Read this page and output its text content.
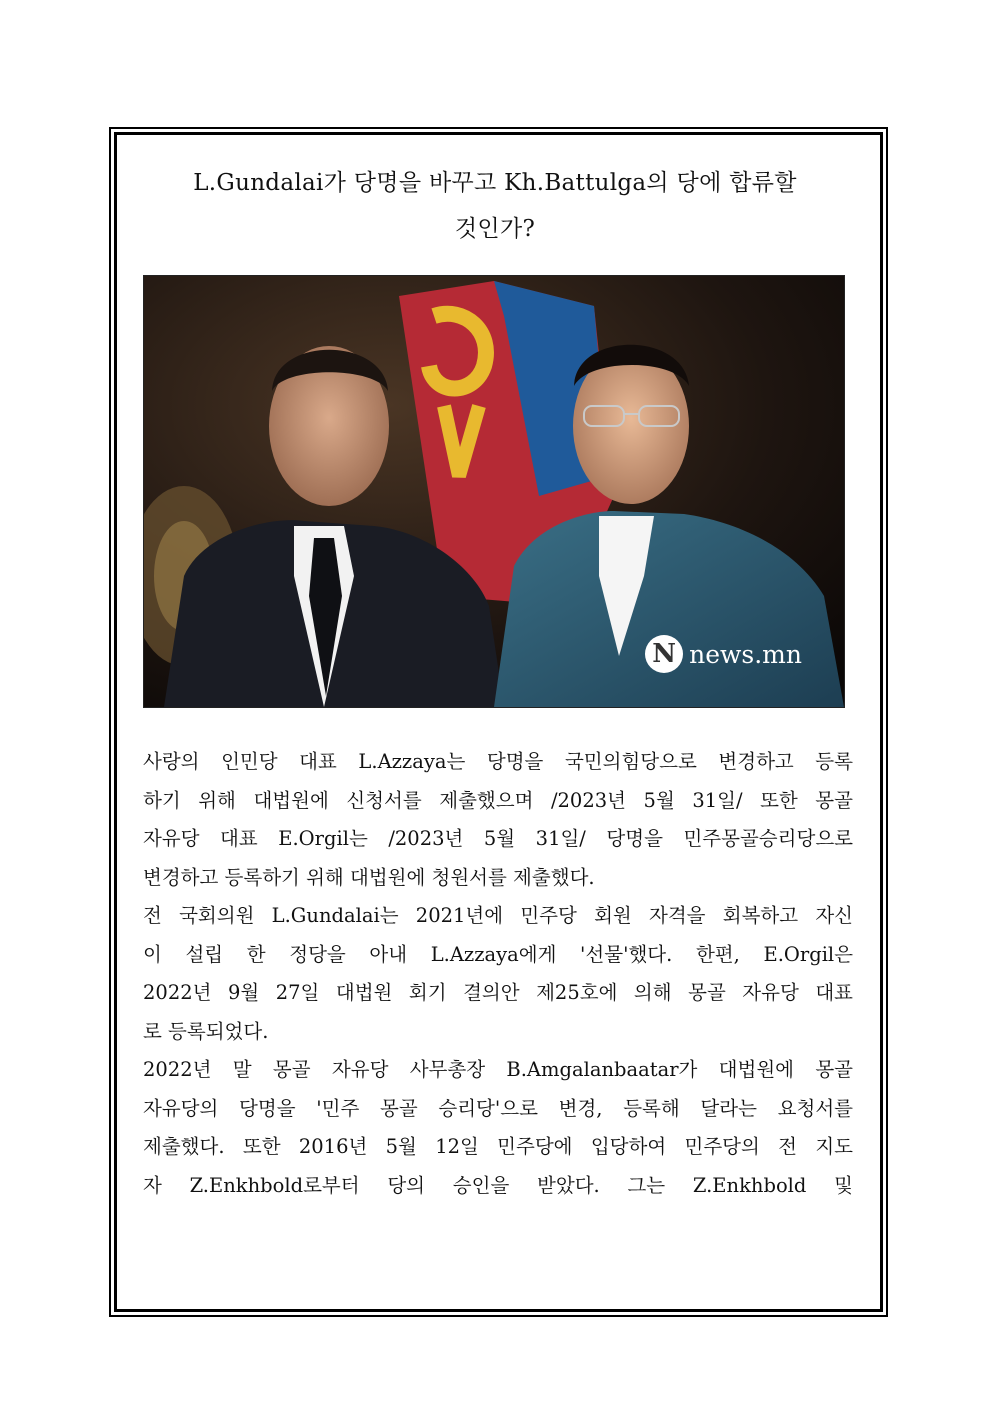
L.Gundalai가 당명을 바꾸고 Kh.Battulga의 당에 합류할
것인가?
N news.mn
사랑의 인민당 대표 L.Azzaya는 당명을 국민의힘당으로 변경하고 등록
하기 위해 대법원에 신청서를 제출했으며 /2023년 5월 31일/ 또한 몽골
자유당 대표 E.Orgil는 /2023년 5월 31일/ 당명을 민주몽골승리당으로
변경하고 등록하기 위해 대법원에 청원서를 제출했다.
전 국회의원 L.Gundalai는 2021년에 민주당 회원 자격을 회복하고 자신
이 설립 한 정당을 아내 L.Azzaya에게 '선물'했다. 한편, E.Orgil은
2022년 9월 27일 대법원 회기 결의안 제25호에 의해 몽골 자유당 대표
로 등록되었다.
2022년 말 몽골 자유당 사무총장 B.Amgalanbaatar가 대법원에 몽골
자유당의 당명을 '민주 몽골 승리당'으로 변경, 등록해 달라는 요청서를
제출했다. 또한 2016년 5월 12일 민주당에 입당하여 민주당의 전 지도
자 Z.Enkhbold로부터 당의 승인을 받았다. 그는 Z.Enkhbold 및
